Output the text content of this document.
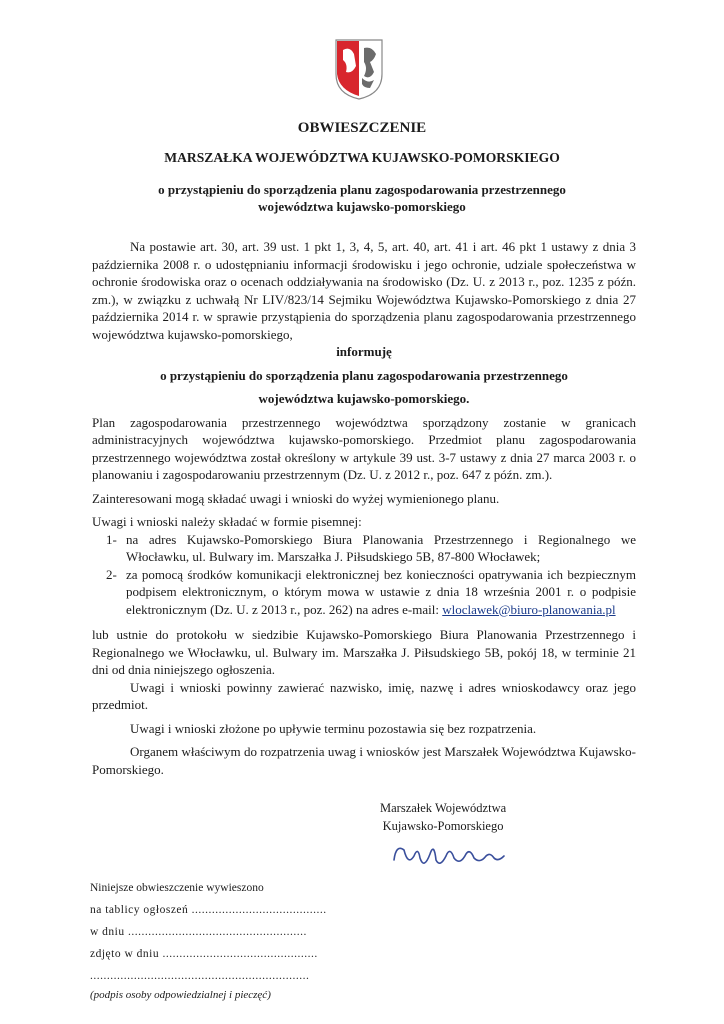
OBWIESZCZENIE
MARSZAŁKA WOJEWÓDZTWA KUJAWSKO-POMORSKIEGO
o przystąpieniu do sporządzenia planu zagospodarowania przestrzennego
województwa kujawsko-pomorskiego

Na postawie art. 30, art. 39 ust. 1 pkt 1, 3, 4, 5, art. 40, art. 41 i art. 46 pkt 1 ustawy z dnia 3 października 2008 r. o udostępnianiu informacji środowisku i jego ochronie, udziale społeczeństwa w ochronie środowiska oraz o ocenach oddziaływania na środowisko (Dz. U. z 2013 r., poz. 1235 z późn. zm.), w związku z uchwałą Nr LIV/823/14 Sejmiku Województwa Kujawsko-Pomorskiego z dnia 27 października 2014 r. w sprawie przystąpienia do sporządzenia planu zagospodarowania przestrzennego województwa kujawsko-pomorskiego,

informuję

o przystąpieniu do sporządzenia planu zagospodarowania przestrzennego

województwa kujawsko-pomorskiego.

Plan zagospodarowania przestrzennego województwa sporządzony zostanie w granicach administracyjnych województwa kujawsko-pomorskiego. Przedmiot planu zagospodarowania przestrzennego województwa został określony w artykule 39 ust. 3-7 ustawy z dnia 27 marca 2003 r. o planowaniu i zagospodarowaniu przestrzennym (Dz. U. z 2012 r., poz. 647 z późn. zm.).

Zainteresowani mogą składać uwagi i wnioski do wyżej wymienionego planu.

Uwagi i wnioski należy składać w formie pisemnej:

1- na adres Kujawsko-Pomorskiego Biura Planowania Przestrzennego i Regionalnego we Włocławku, ul. Bulwary im. Marszałka J. Piłsudskiego 5B, 87-800 Włocławek;
2- za pomocą środków komunikacji elektronicznej bez konieczności opatrywania ich bezpiecznym podpisem elektronicznym, o którym mowa w ustawie z dnia 18 września 2001 r. o podpisie elektronicznym (Dz. U. z 2013 r., poz. 262) na adres e-mail: wloclawek@biuro-planowania.pl

lub ustnie do protokołu w siedzibie Kujawsko-Pomorskiego Biura Planowania Przestrzennego i Regionalnego we Włocławku, ul. Bulwary im. Marszałka J. Piłsudskiego 5B, pokój 18, w terminie 21 dni od dnia niniejszego ogłoszenia.

Uwagi i wnioski powinny zawierać nazwisko, imię, nazwę i adres wnioskodawcy oraz jego przedmiot.

Uwagi i wnioski złożone po upływie terminu pozostawia się bez rozpatrzenia.

Organem właściwym do rozpatrzenia uwag i wniosków jest Marszałek Województwa Kujawsko-Pomorskiego.

Marszałek Województwa
Kujawsko-Pomorskiego
Niniejsze obwieszczenie wywieszono
na tablicy ogłoszeń ........................................
w dniu .....................................................
zdjęto w dniu ..............................................
.................................................................
(podpis osoby odpowiedzialnej i pieczęć)
